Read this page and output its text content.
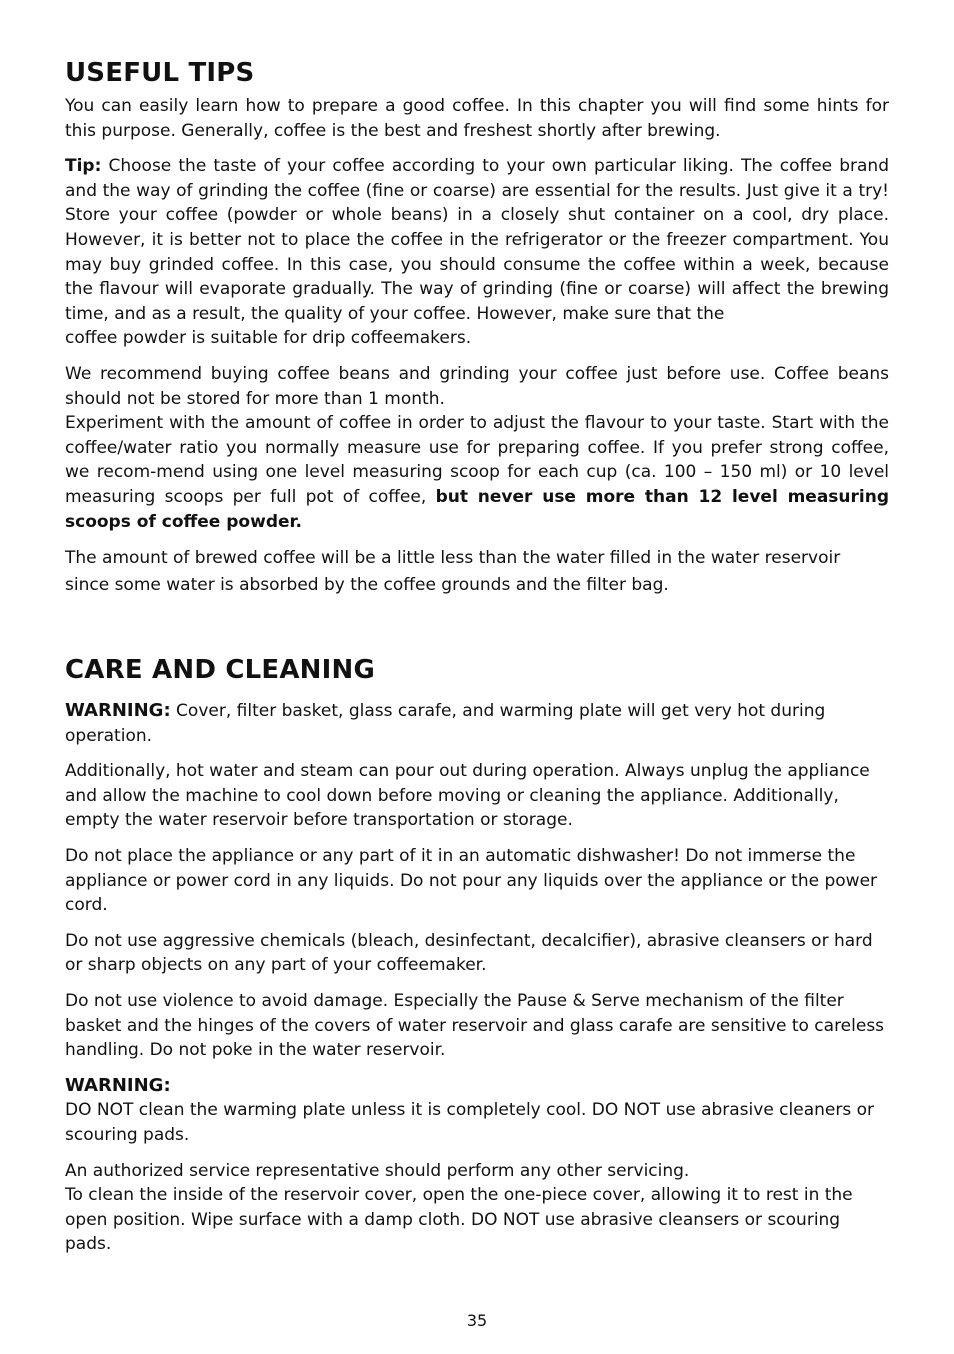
USEFUL TIPS

You can easily learn how to prepare a good coffee. In this chapter you will find some hints for this purpose. Generally, coffee is the best and freshest shortly after brewing.

Tip: Choose the taste of your coffee according to your own particular liking. The coffee brand and the way of grinding the coffee (fine or coarse) are essential for the results. Just give it a try! Store your coffee (powder or whole beans) in a closely shut container on a cool, dry place. However, it is better not to place the coffee in the refrigerator or the freezer compartment. You may buy grinded coffee. In this case, you should consume the coffee within a week, because the flavour will evaporate gradually. The way of grinding (fine or coarse) will affect the brewing time, and as a result, the quality of your coffee. However, make sure that the

coffee powder is suitable for drip coffeemakers.

We recommend buying coffee beans and grinding your coffee just before use. Coffee beans should not be stored for more than 1 month.

Experiment with the amount of coffee in order to adjust the flavour to your taste. Start with the coffee/water ratio you normally measure use for preparing coffee. If you prefer strong coffee, we recom-mend using one level measuring scoop for each cup (ca. 100 – 150 ml) or 10 level measuring scoops per full pot of coffee, but never use more than 12 level measuring scoops of coffee powder.

The amount of brewed coffee will be a little less than the water filled in the water reservoir since some water is absorbed by the coffee grounds and the filter bag.

CARE AND CLEANING

WARNING: Cover, filter basket, glass carafe, and warming plate will get very hot during operation.

Additionally, hot water and steam can pour out during operation. Always unplug the appliance and allow the machine to cool down before moving or cleaning the appliance. Additionally, empty the water reservoir before transportation or storage.

Do not place the appliance or any part of it in an automatic dishwasher! Do not immerse the appliance or power cord in any liquids. Do not pour any liquids over the appliance or the power cord.

Do not use aggressive chemicals (bleach, desinfectant, decalcifier), abrasive cleansers or hard or sharp objects on any part of your coffeemaker.

Do not use violence to avoid damage. Especially the Pause & Serve mechanism of the filter basket and the hinges of the covers of water reservoir and glass carafe are sensitive to careless handling. Do not poke in the water reservoir.

WARNING:

DO NOT clean the warming plate unless it is completely cool. DO NOT use abrasive cleaners or scouring pads.

An authorized service representative should perform any other servicing.

To clean the inside of the reservoir cover, open the one-piece cover, allowing it to rest in the open position. Wipe surface with a damp cloth. DO NOT use abrasive cleansers or scouring pads.

35
